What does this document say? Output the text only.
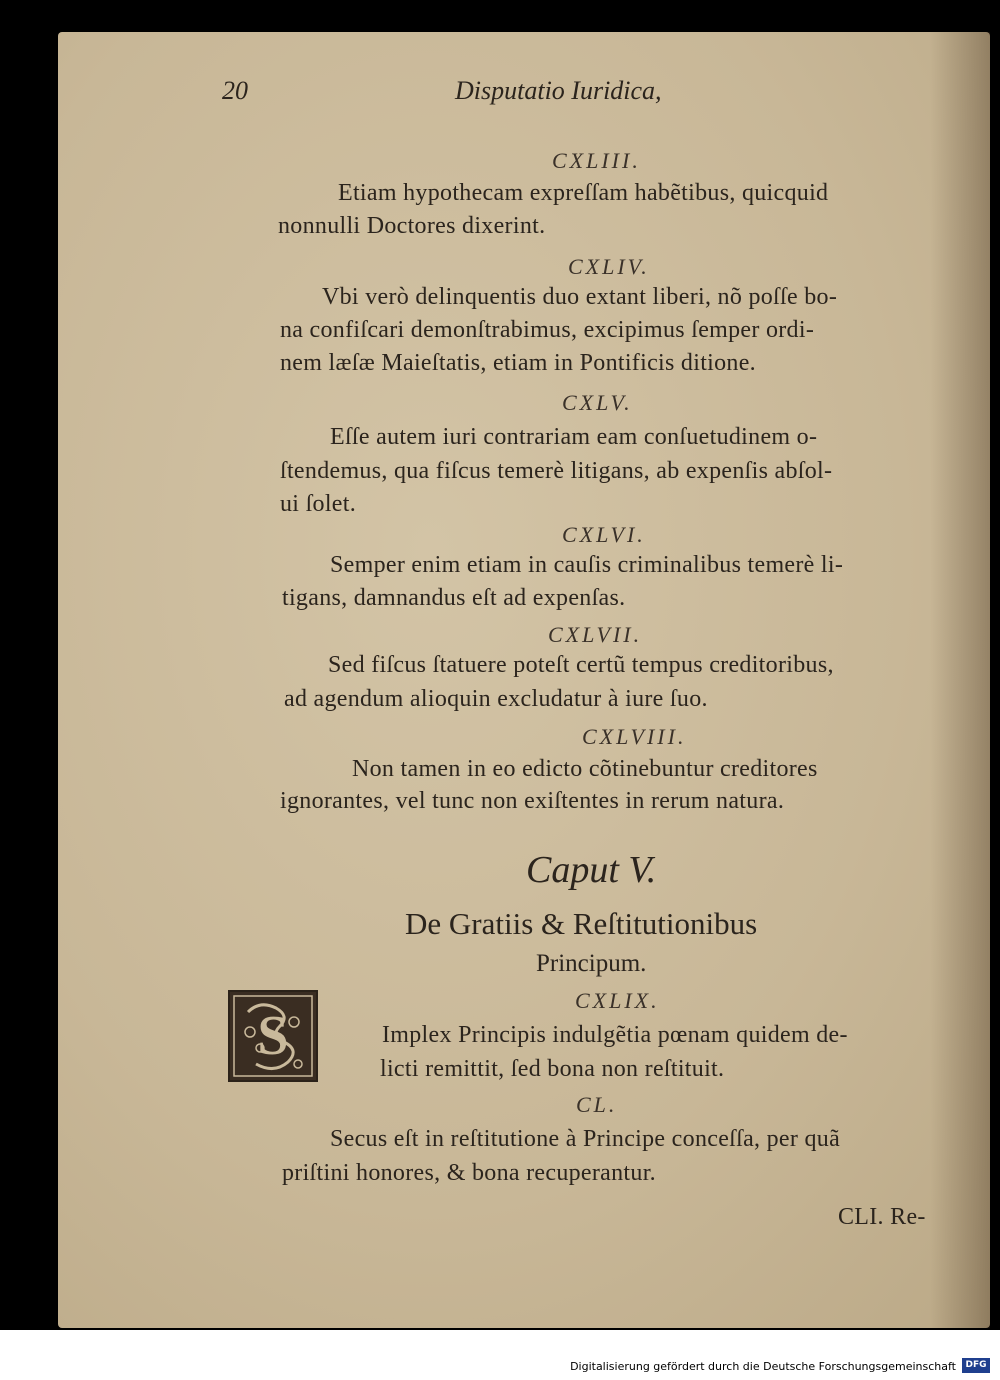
20	Disputatio Iuridica,
CXLIII.
Etiam hypothecam expreſſam habẽtibus, quicquid
nonnulli Doctores dixerint.
CXLIV.
Vbi verò delinquentis duo extant liberi, nõ poſſe bo-
na confiſcari demonſtrabimus, excipimus ſemper ordi-
nem læſæ Maieſtatis, etiam in Pontificis ditione.
CXLV.
Eſſe autem iuri contrariam eam conſuetudinem o-
ſtendemus, qua fiſcus temerè litigans, ab expenſis abſol-
ui ſolet.
CXLVI.
Semper enim etiam in cauſis criminalibus temerè li-
tigans, damnandus eſt ad expenſas.
CXLVII.
Sed fiſcus ſtatuere poteſt certũ tempus creditoribus,
ad agendum alioquin excludatur à iure ſuo.
CXLVIII.
Non tamen in eo edicto cõtinebuntur creditores
ignorantes, vel tunc non exiſtentes in rerum natura.
Caput V.
De Gratiis & Reſtitutionibus
Principum.
CXLIX.
S	Implex Principis indulgẽtia pœnam quidem de-
licti remittit, ſed bona non reſtituit.
CL.
Secus eſt in reſtitutione à Principe conceſſa, per quã
priſtini honores, & bona recuperantur.
CLI. Re-
Digitalisierung gefördert durch die Deutsche Forschungsgemeinschaft	DFG
